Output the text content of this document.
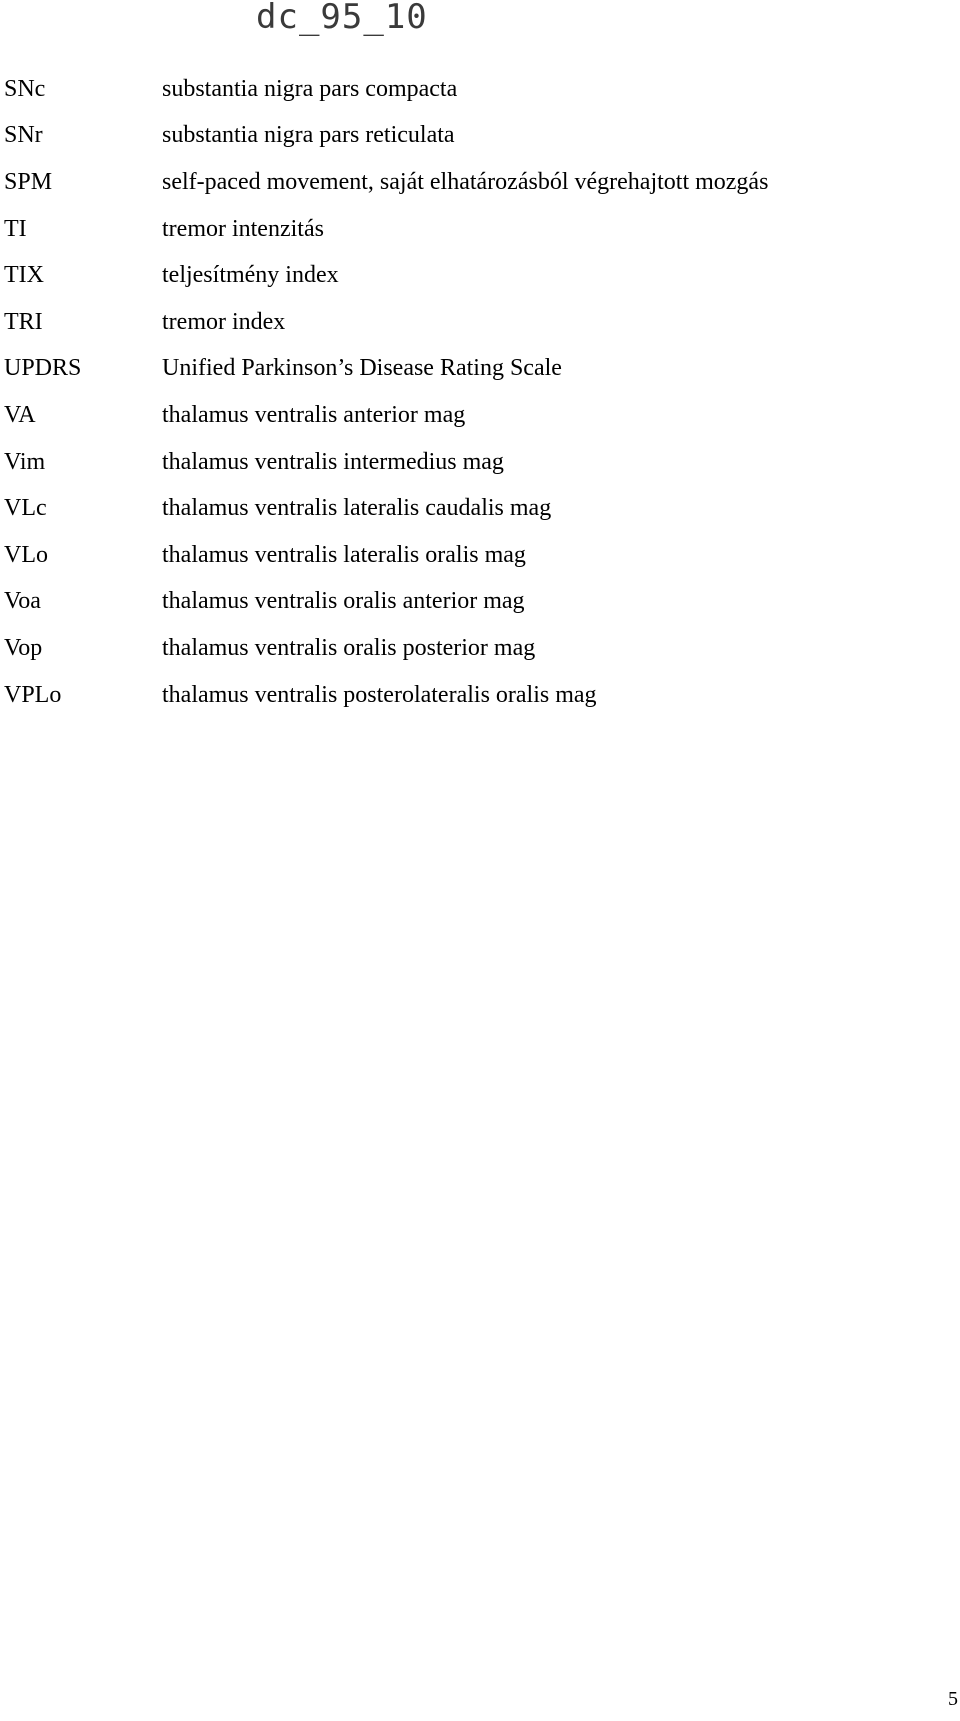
dc_95_10
SNc	substantia nigra pars compacta
SNr	substantia nigra pars reticulata
SPM	self-paced movement, saját elhatározásból végrehajtott mozgás
TI	tremor intenzitás
TIX	teljesítmény index
TRI	tremor index
UPDRS	Unified Parkinson’s Disease Rating Scale
VA	thalamus ventralis anterior mag
Vim	thalamus ventralis intermedius mag
VLc	thalamus ventralis lateralis caudalis mag
VLo	thalamus ventralis lateralis oralis mag
Voa	thalamus ventralis oralis anterior mag
Vop	thalamus ventralis oralis posterior mag
VPLo	thalamus ventralis posterolateralis oralis mag
5
